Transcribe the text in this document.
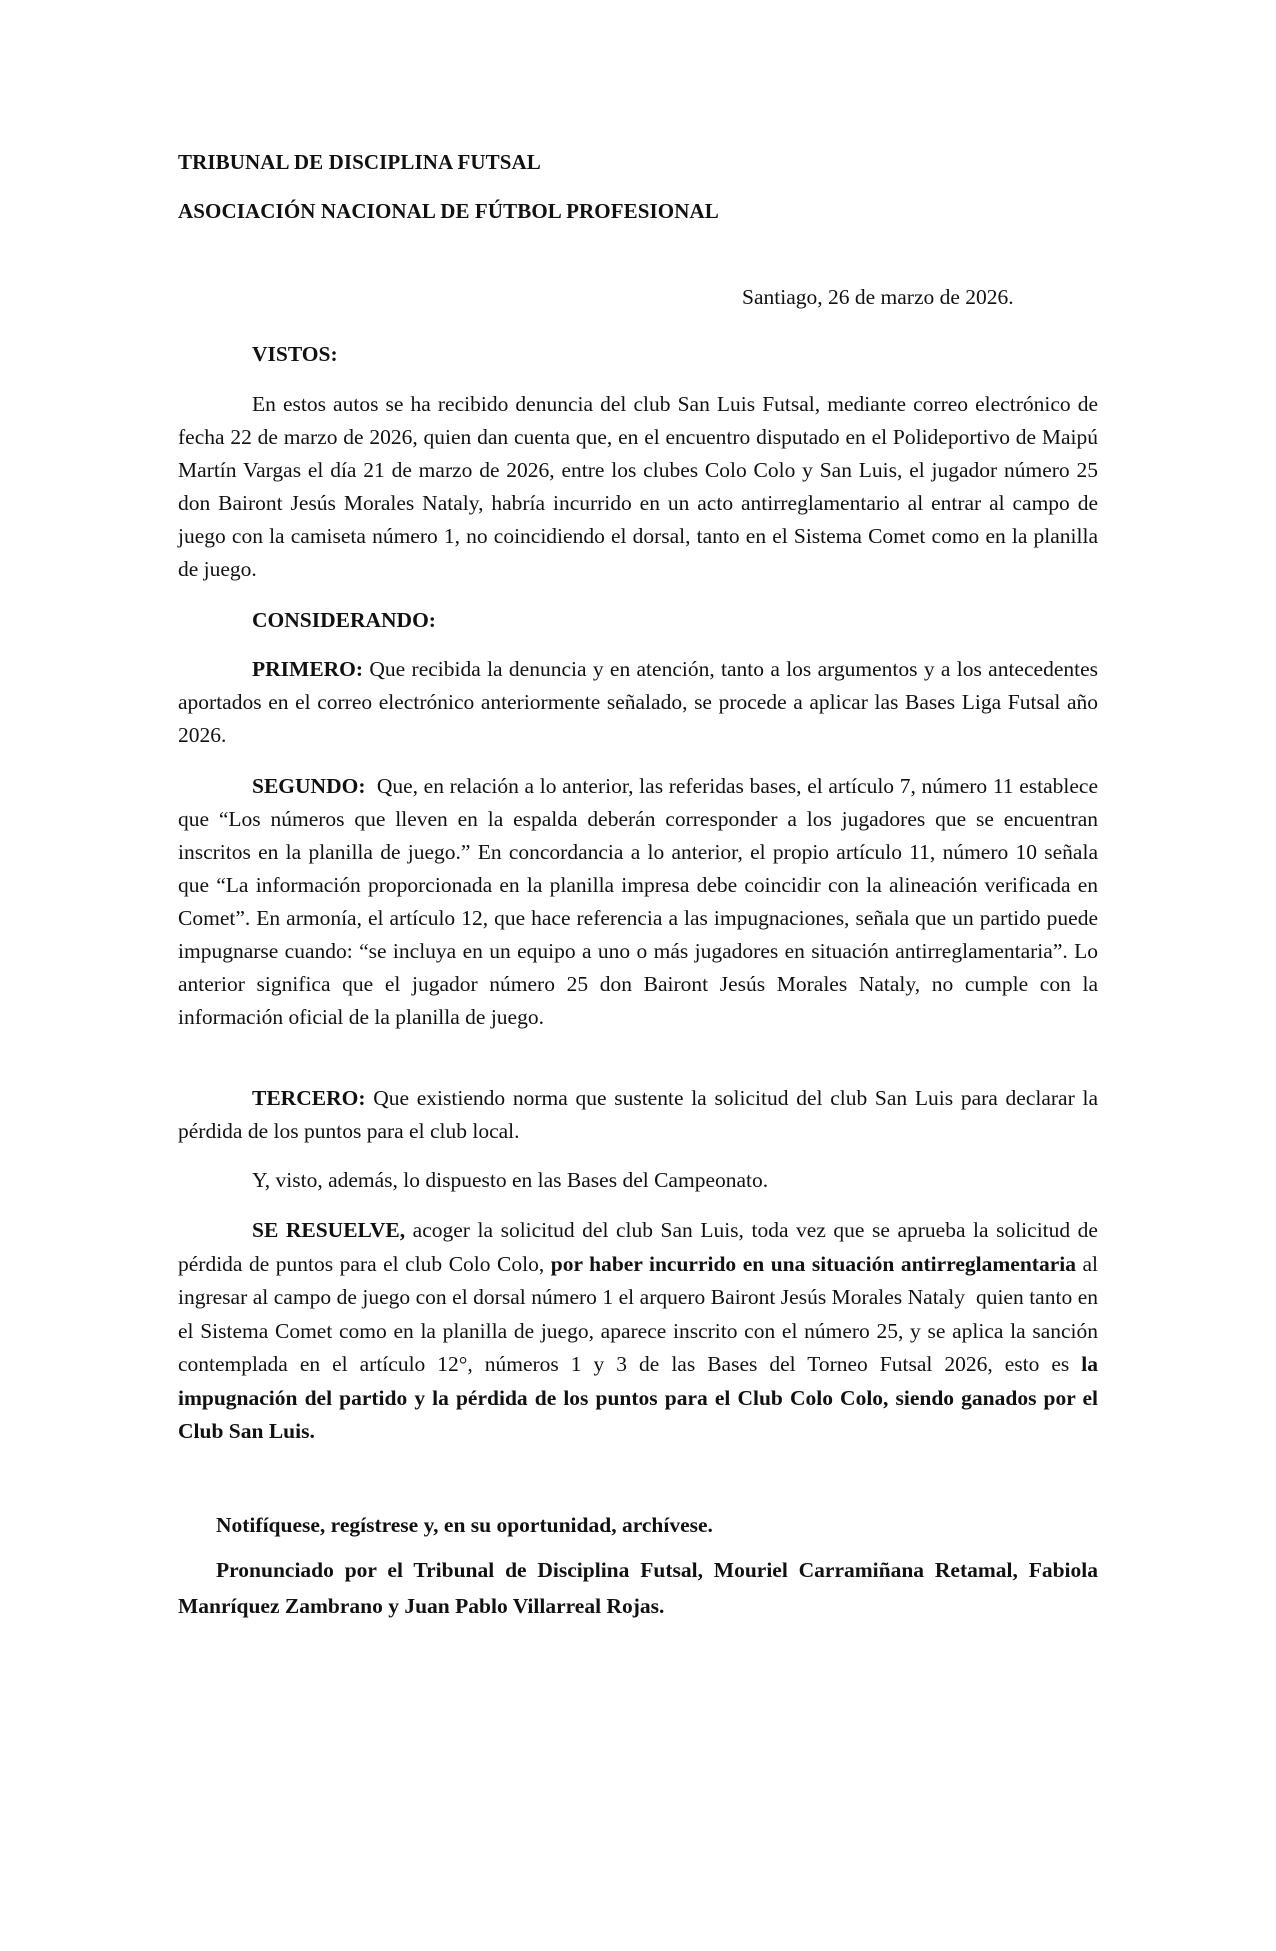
TRIBUNAL DE DISCIPLINA FUTSAL
ASOCIACIÓN NACIONAL DE FÚTBOL PROFESIONAL
Santiago, 26 de marzo de 2026.
VISTOS:

En estos autos se ha recibido denuncia del club San Luis Futsal, mediante correo electrónico de fecha 22 de marzo de 2026, quien dan cuenta que, en el encuentro disputado en el Polideportivo de Maipú Martín Vargas el día 21 de marzo de 2026, entre los clubes Colo Colo y San Luis, el jugador número 25 don Bairont Jesús Morales Nataly, habría incurrido en un acto antirreglamentario al entrar al campo de juego con la camiseta número 1, no coincidiendo el dorsal, tanto en el Sistema Comet como en la planilla de juego.

CONSIDERANDO:

PRIMERO: Que recibida la denuncia y en atención, tanto a los argumentos y a los antecedentes aportados en el correo electrónico anteriormente señalado, se procede a aplicar las Bases Liga Futsal año 2026.

SEGUNDO:  Que, en relación a lo anterior, las referidas bases, el artículo 7, número 11 establece que “Los números que lleven en la espalda deberán corresponder a los jugadores que se encuentran inscritos en la planilla de juego.” En concordancia a lo anterior, el propio artículo 11, número 10 señala que “La información proporcionada en la planilla impresa debe coincidir con la alineación verificada en Comet”. En armonía, el artículo 12, que hace referencia a las impugnaciones, señala que un partido puede impugnarse cuando: “se incluya en un equipo a uno o más jugadores en situación antirreglamentaria”. Lo anterior significa que el jugador número 25 don Bairont Jesús Morales Nataly, no cumple con la información oficial de la planilla de juego.

TERCERO: Que existiendo norma que sustente la solicitud del club San Luis para declarar la pérdida de los puntos para el club local.

Y, visto, además, lo dispuesto en las Bases del Campeonato.

SE RESUELVE, acoger la solicitud del club San Luis, toda vez que se aprueba la solicitud de pérdida de puntos para el club Colo Colo, por haber incurrido en una situación antirreglamentaria al ingresar al campo de juego con el dorsal número 1 el arquero Bairont Jesús Morales Nataly  quien tanto en el Sistema Comet como en la planilla de juego, aparece inscrito con el número 25, y se aplica la sanción contemplada en el artículo 12°, números 1 y 3 de las Bases del Torneo Futsal 2026, esto es la impugnación del partido y la pérdida de los puntos para el Club Colo Colo, siendo ganados por el Club San Luis.

Notifíquese, regístrese y, en su oportunidad, archívese.

Pronunciado por el Tribunal de Disciplina Futsal, Mouriel Carramiñana Retamal, Fabiola Manríquez Zambrano y Juan Pablo Villarreal Rojas.
